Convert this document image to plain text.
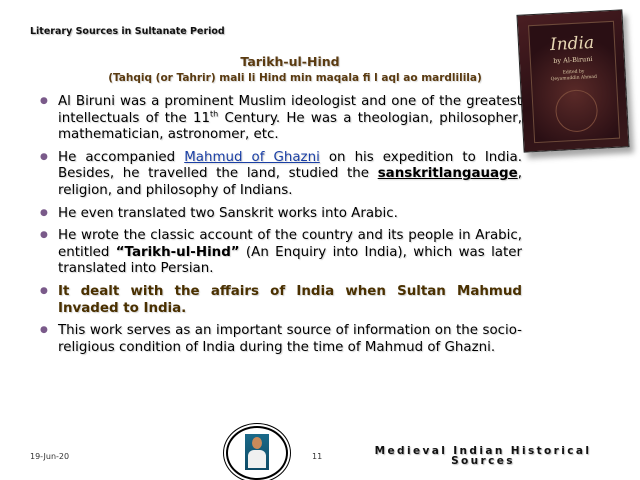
Literary Sources in Sultanate Period
Tarikh-ul-Hind
(Tahqiq (or Tahrir) mali li Hind min maqala fi l aql ao mardlilila)
India
by Al-Biruni
Edited by
Qeyamuddin Ahmad
● Al Biruni was a prominent Muslim ideologist and one of the greatest intellectuals of the 11th Century. He was a theologian, philosopher, mathematician, astronomer, etc.
● He accompanied Mahmud of Ghazni on his expedition to India. Besides, he travelled the land, studied the sanskritlangauage, religion, and philosophy of Indians.
● He even translated two Sanskrit works into Arabic.
● He wrote the classic account of the country and its people in Arabic, entitled “Tarikh-ul-Hind” (An Enquiry into India), which was later translated into Persian.
● It dealt with the affairs of India when Sultan Mahmud Invaded to India.
● This work serves as an important source of information on the socio-religious condition of India during the time of Mahmud of Ghazni.
19-Jun-20	11	Medieval Indian Historical Sources
